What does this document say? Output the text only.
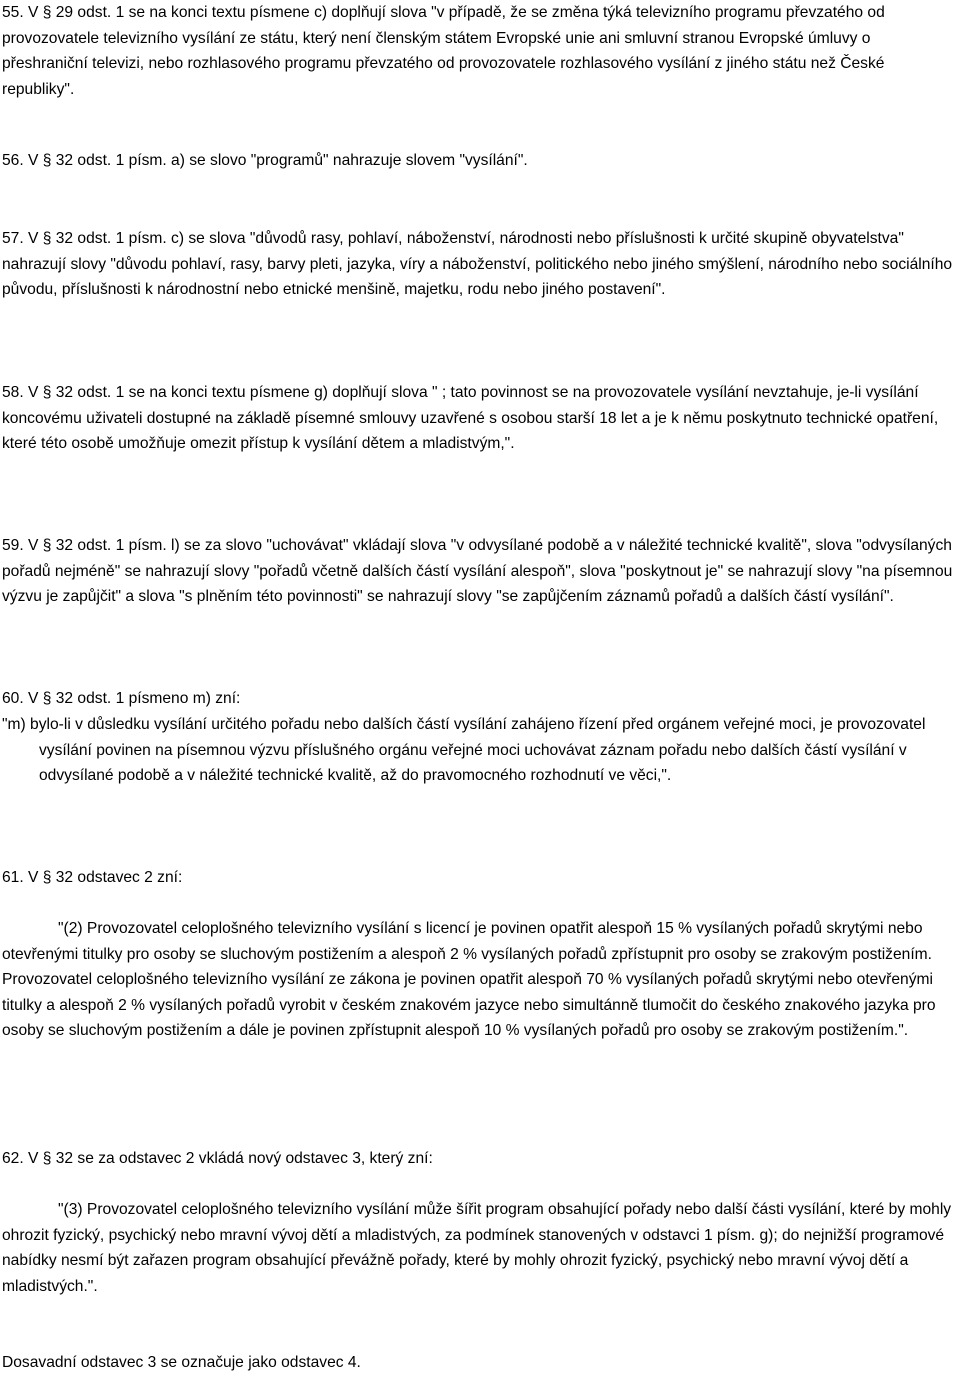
55. V § 29 odst. 1 se na konci textu písmene c) doplňují slova "v případě, že se změna týká televizního programu převzatého od provozovatele televizního vysílání ze státu, který není členským státem Evropské unie ani smluvní stranou Evropské úmluvy o přeshraniční televizi, nebo rozhlasového programu převzatého od provozovatele rozhlasového vysílání z jiného státu než České republiky".

56. V § 32 odst. 1 písm. a) se slovo "programů" nahrazuje slovem "vysílání".

57. V § 32 odst. 1 písm. c) se slova "důvodů rasy, pohlaví, náboženství, národnosti nebo příslušnosti k určité skupině obyvatelstva" nahrazují slovy "důvodu pohlaví, rasy, barvy pleti, jazyka, víry a náboženství, politického nebo jiného smýšlení, národního nebo sociálního původu, příslušnosti k národnostní nebo etnické menšině, majetku, rodu nebo jiného postavení".

58. V § 32 odst. 1 se na konci textu písmene g) doplňují slova " ; tato povinnost se na provozovatele vysílání nevztahuje, je-li vysílání koncovému uživateli dostupné na základě písemné smlouvy uzavřené s osobou starší 18 let a je k němu poskytnuto technické opatření, které této osobě umožňuje omezit přístup k vysílání dětem a mladistvým,".

59. V § 32 odst. 1 písm. l) se za slovo "uchovávat" vkládají slova "v odvysílané podobě a v náležité technické kvalitě", slova "odvysílaných pořadů nejméně" se nahrazují slovy "pořadů včetně dalších částí vysílání alespoň", slova "poskytnout je" se nahrazují slovy "na písemnou výzvu je zapůjčit" a slova "s plněním této povinnosti" se nahrazují slovy "se zapůjčením záznamů pořadů a dalších částí vysílání".

60. V § 32 odst. 1 písmeno m) zní:

"m) bylo-li v důsledku vysílání určitého pořadu nebo dalších částí vysílání zahájeno řízení před orgánem veřejné moci, je provozovatel vysílání povinen na písemnou výzvu příslušného orgánu veřejné moci uchovávat záznam pořadu nebo dalších částí vysílání v odvysílané podobě a v náležité technické kvalitě, až do pravomocného rozhodnutí ve věci,".

61. V § 32 odstavec 2 zní:

"(2) Provozovatel celoplošného televizního vysílání s licencí je povinen opatřit alespoň 15 % vysílaných pořadů skrytými nebo otevřenými titulky pro osoby se sluchovým postižením a alespoň 2 % vysílaných pořadů zpřístupnit pro osoby se zrakovým postižením. Provozovatel celoplošného televizního vysílání ze zákona je povinen opatřit alespoň 70 % vysílaných pořadů skrytými nebo otevřenými titulky a alespoň 2 % vysílaných pořadů vyrobit v českém znakovém jazyce nebo simultánně tlumočit do českého znakového jazyka pro osoby se sluchovým postižením a dále je povinen zpřístupnit alespoň 10 % vysílaných pořadů pro osoby se zrakovým postižením.".

62. V § 32 se za odstavec 2 vkládá nový odstavec 3, který zní:

"(3) Provozovatel celoplošného televizního vysílání může šířit program obsahující pořady nebo další části vysílání, které by mohly ohrozit fyzický, psychický nebo mravní vývoj dětí a mladistvých, za podmínek stanovených v odstavci 1 písm. g); do nejnižší programové nabídky nesmí být zařazen program obsahující převážně pořady, které by mohly ohrozit fyzický, psychický nebo mravní vývoj dětí a mladistvých.".

Dosavadní odstavec 3 se označuje jako odstavec 4.
